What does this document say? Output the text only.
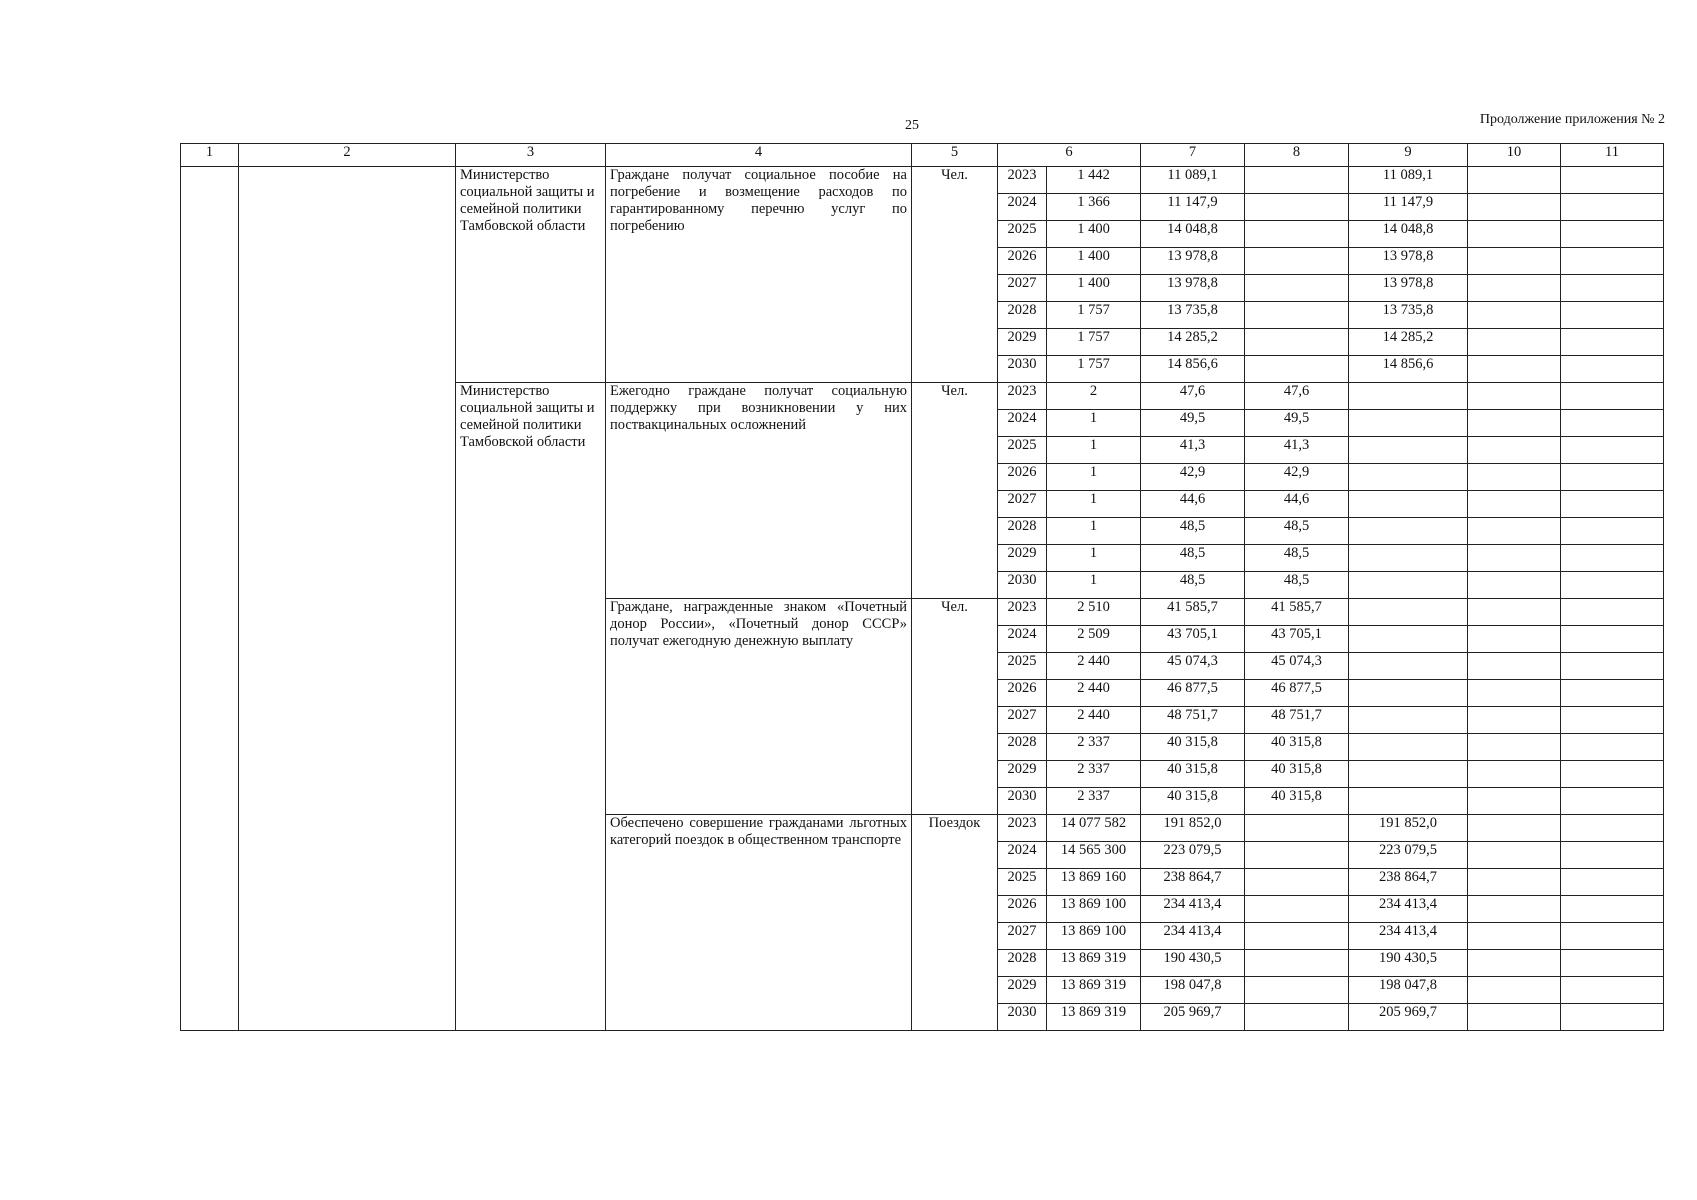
25	Продолжение приложения № 2
1	2	3	4	5	6		7	8	9	10	11
		Министерство социальной защиты и семейной политики Тамбовской области	Граждане получат социальное пособие на погребение и возмещение расходов по гарантированному перечню услуг по погребению	Чел.	2023	1 442	11 089,1		11 089,1		
					2024	1 366	11 147,9		11 147,9		
					2025	1 400	14 048,8		14 048,8		
					2026	1 400	13 978,8		13 978,8		
					2027	1 400	13 978,8		13 978,8		
					2028	1 757	13 735,8		13 735,8		
					2029	1 757	14 285,2		14 285,2		
					2030	1 757	14 856,6		14 856,6		
		Министерство социальной защиты и семейной политики Тамбовской области	Ежегодно граждане получат социальную поддержку при возникновении у них поствакцинальных осложнений	Чел.	2023	2	47,6	47,6			
					2024	1	49,5	49,5			
					2025	1	41,3	41,3			
					2026	1	42,9	42,9			
					2027	1	44,6	44,6			
					2028	1	48,5	48,5			
					2029	1	48,5	48,5			
					2030	1	48,5	48,5			
			Граждане, награжденные знаком «Почетный донор России», «Почетный донор СССР» получат ежегодную денежную выплату	Чел.	2023	2 510	41 585,7	41 585,7			
					2024	2 509	43 705,1	43 705,1			
					2025	2 440	45 074,3	45 074,3			
					2026	2 440	46 877,5	46 877,5			
					2027	2 440	48 751,7	48 751,7			
					2028	2 337	40 315,8	40 315,8			
					2029	2 337	40 315,8	40 315,8			
					2030	2 337	40 315,8	40 315,8			
			Обеспечено совершение гражданами льготных категорий поездок в общественном транспорте	Поездок	2023	14 077 582	191 852,0		191 852,0		
					2024	14 565 300	223 079,5		223 079,5		
					2025	13 869 160	238 864,7		238 864,7		
					2026	13 869 100	234 413,4		234 413,4		
					2027	13 869 100	234 413,4		234 413,4		
					2028	13 869 319	190 430,5		190 430,5		
					2029	13 869 319	198 047,8		198 047,8		
					2030	13 869 319	205 969,7		205 969,7		
